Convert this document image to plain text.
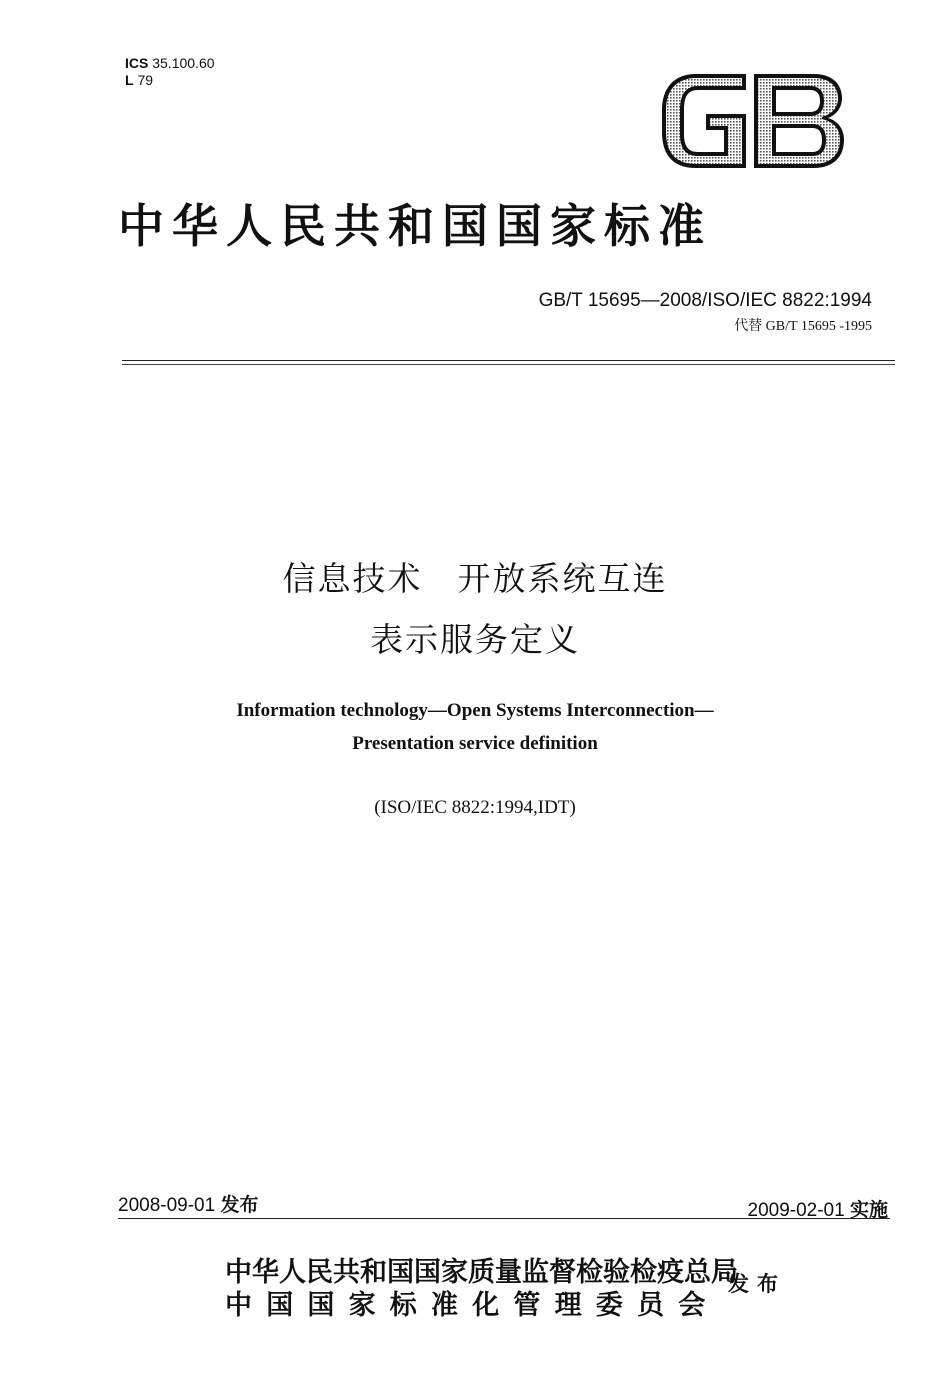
ICS 35.100.60
L 79
中华人民共和国国家标准
GB/T 15695—2008/ISO/IEC 8822:1994
代替 GB/T 15695 -1995
信息技术　开放系统互连
表示服务定义
Information technology—Open Systems Interconnection—
Presentation service definition
(ISO/IEC 8822:1994,IDT)
2008-09-01 发布	2009-02-01 实施
中华人民共和国国家质量监督检验检疫总局
中国国家标准化管理委员会
发布
